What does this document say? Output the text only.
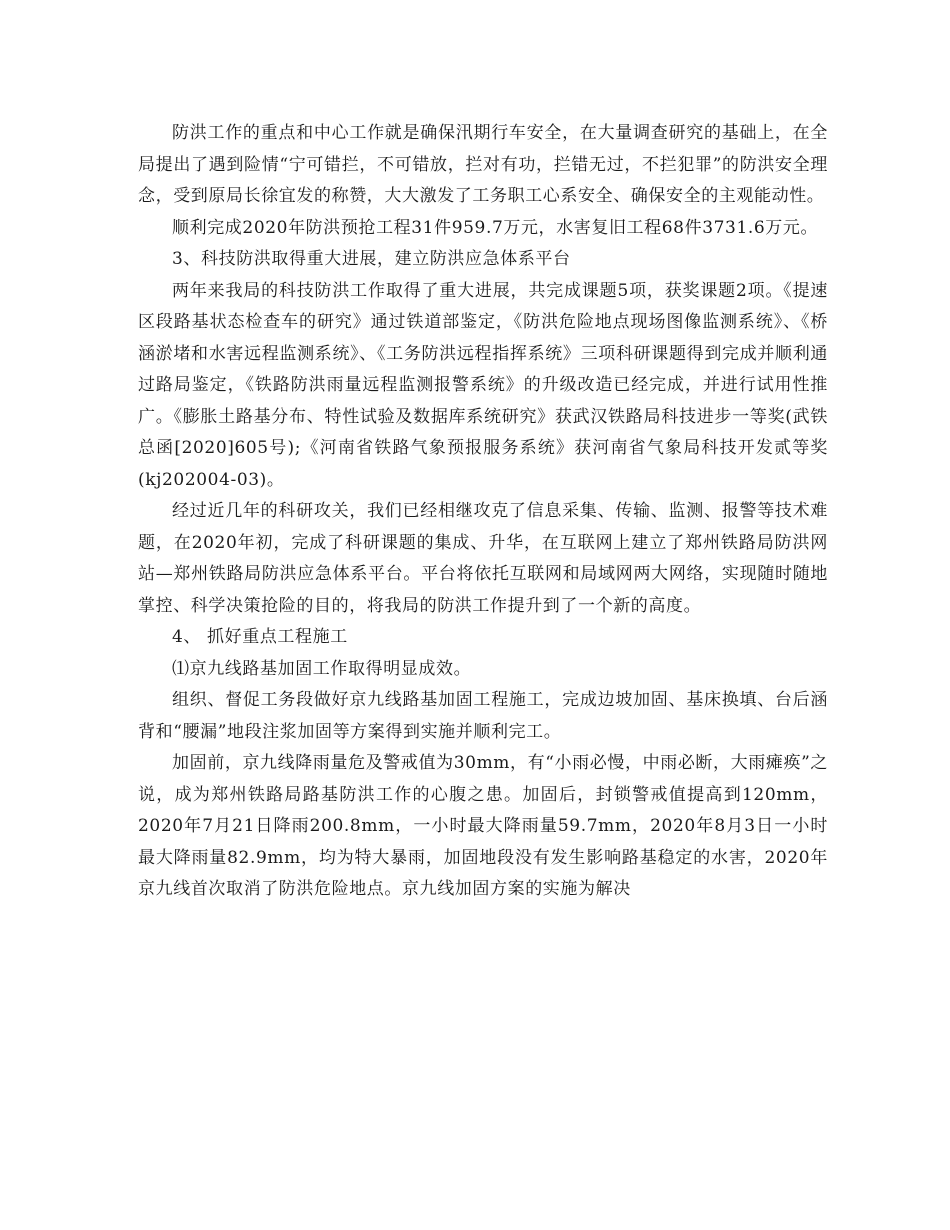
防洪工作的重点和中心工作就是确保汛期行车安全，在大量调查研究的基础上，在全局提出了遇到险情“宁可错拦，不可错放，拦对有功，拦错无过，不拦犯罪”的防洪安全理念，受到原局长徐宜发的称赞，大大激发了工务职工心系安全、确保安全的主观能动性。

顺利完成2020年防洪预抢工程31件959.7万元，水害复旧工程68件3731.6万元。

3、科技防洪取得重大进展，建立防洪应急体系平台

两年来我局的科技防洪工作取得了重大进展，共完成课题5项，获奖课题2项。《提速区段路基状态检查车的研究》通过铁道部鉴定，《防洪危险地点现场图像监测系统》、《桥涵淤堵和水害远程监测系统》、《工务防洪远程指挥系统》三项科研课题得到完成并顺利通过路局鉴定，《铁路防洪雨量远程监测报警系统》的升级改造已经完成，并进行试用性推广。《膨胀土路基分布、特性试验及数据库系统研究》获武汉铁路局科技进步一等奖(武铁总函[2020]605号);《河南省铁路气象预报服务系统》获河南省气象局科技开发贰等奖(kj202004-03)。

经过近几年的科研攻关，我们已经相继攻克了信息采集、传输、监测、报警等技术难题，在2020年初，完成了科研课题的集成、升华，在互联网上建立了郑州铁路局防洪网站—郑州铁路局防洪应急体系平台。平台将依托互联网和局域网两大网络，实现随时随地掌控、科学决策抢险的目的，将我局的防洪工作提升到了一个新的高度。

4、 抓好重点工程施工

⑴京九线路基加固工作取得明显成效。

组织、督促工务段做好京九线路基加固工程施工，完成边坡加固、基床换填、台后涵背和“腰漏”地段注浆加固等方案得到实施并顺利完工。

加固前，京九线降雨量危及警戒值为30mm，有“小雨必慢，中雨必断，大雨瘫痪”之说，成为郑州铁路局路基防洪工作的心腹之患。加固后，封锁警戒值提高到120mm，2020年7月21日降雨200.8mm，一小时最大降雨量59.7mm，2020年8月3日一小时最大降雨量82.9mm，均为特大暴雨，加固地段没有发生影响路基稳定的水害，2020年京九线首次取消了防洪危险地点。京九线加固方案的实施为解决
